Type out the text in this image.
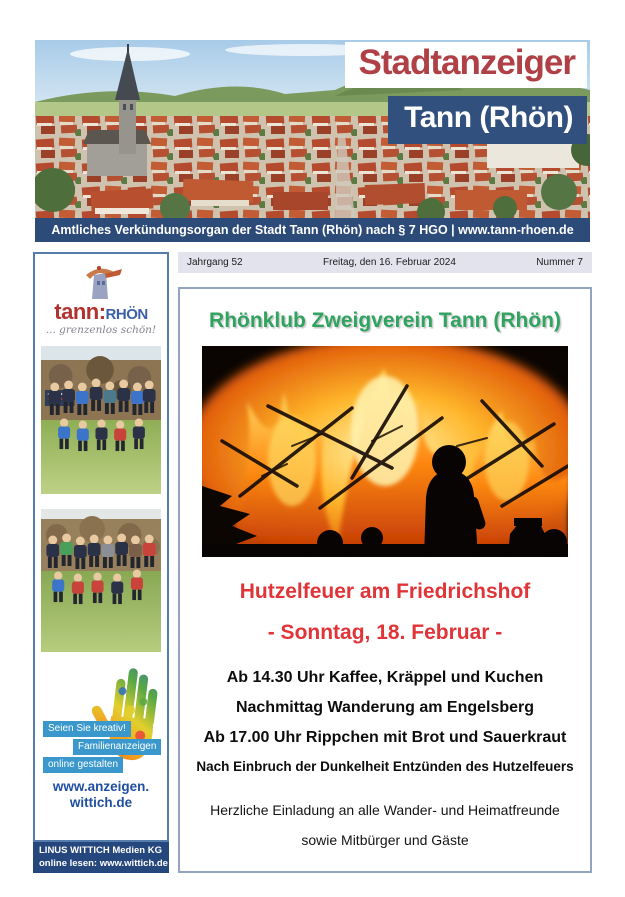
Stadtanzeiger
Tann (Rhön)
Amtliches Verkündungsorgan der Stadt Tann (Rhön) nach § 7 HGO | www.tann-rhoen.de
Jahrgang 52	Freitag, den 16. Februar 2024	Nummer 7
tann:rhön
... grenzenlos schön!
Seien Sie kreativ!
Familienanzeigen
online gestalten
www.anzeigen.
wittich.de
LINUS WITTICH Medien KG
online lesen: www.wittich.de
Rhönklub Zweigverein Tann (Rhön)
Hutzelfeuer am Friedrichshof
- Sonntag, 18. Februar -

Ab 14.30 Uhr Kaffee, Kräppel und Kuchen

Nachmittag Wanderung am Engelsberg

Ab 17.00 Uhr Rippchen mit Brot und Sauerkraut

Nach Einbruch der Dunkelheit Entzünden des Hutzelfeuers

Herzliche Einladung an alle Wander- und Heimatfreunde

sowie Mitbürger und Gäste
